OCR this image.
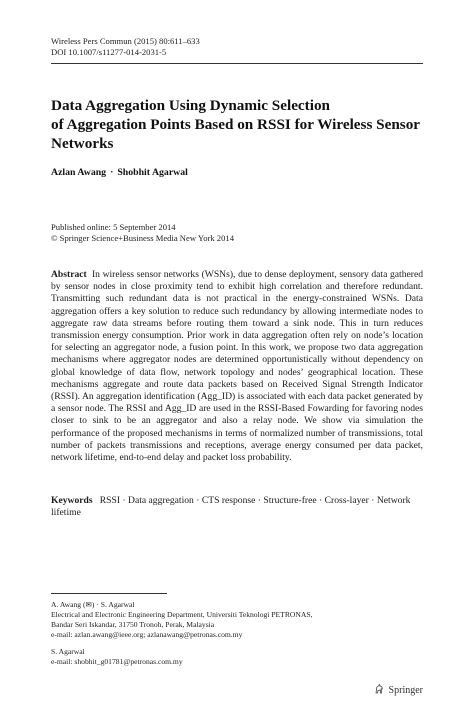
Wireless Pers Commun (2015) 80:611–633
DOI 10.1007/s11277-014-2031-5
Data Aggregation Using Dynamic Selection
of Aggregation Points Based on RSSI for Wireless Sensor
Networks
Azlan Awang · Shobhit Agarwal
Published online: 5 September 2014
© Springer Science+Business Media New York 2014

Abstract In wireless sensor networks (WSNs), due to dense deployment, sensory data gathered by sensor nodes in close proximity tend to exhibit high correlation and therefore redundant. Transmitting such redundant data is not practical in the energy-constrained WSNs. Data aggregation offers a key solution to reduce such redundancy by allowing intermediate nodes to aggregate raw data streams before routing them toward a sink node. This in turn reduces transmission energy consumption. Prior work in data aggregation often rely on node’s location for selecting an aggregator node, a fusion point. In this work, we propose two data aggregation mechanisms where aggregator nodes are determined opportunistically without dependency on global knowledge of data flow, network topology and nodes’ geographical location. These mechanisms aggregate and route data packets based on Received Signal Strength Indicator (RSSI). An aggregation identification (Agg_ID) is associated with each data packet generated by a sensor node. The RSSI and Agg_ID are used in the RSSI-Based Fowarding for favoring nodes closer to sink to be an aggregator and also a relay node. We show via simulation the performance of the proposed mechanisms in terms of normalized number of transmissions, total number of packets transmissions and receptions, average energy consumed per data packet, network lifetime, end-to-end delay and packet loss probability.

Keywords RSSI · Data aggregation · CTS response · Structure-free · Cross-layer · Network lifetime

A. Awang (✉) · S. Agarwal
Electrical and Electronic Engineering Department, Universiti Teknologi PETRONAS,
Bandar Seri Iskandar, 31750 Tronoh, Perak, Malaysia
e-mail: azlan.awang@ieee.org; azlanawang@petronas.com.my
S. Agarwal
e-mail: shobhit_g01781@petronas.com.my
Springer
